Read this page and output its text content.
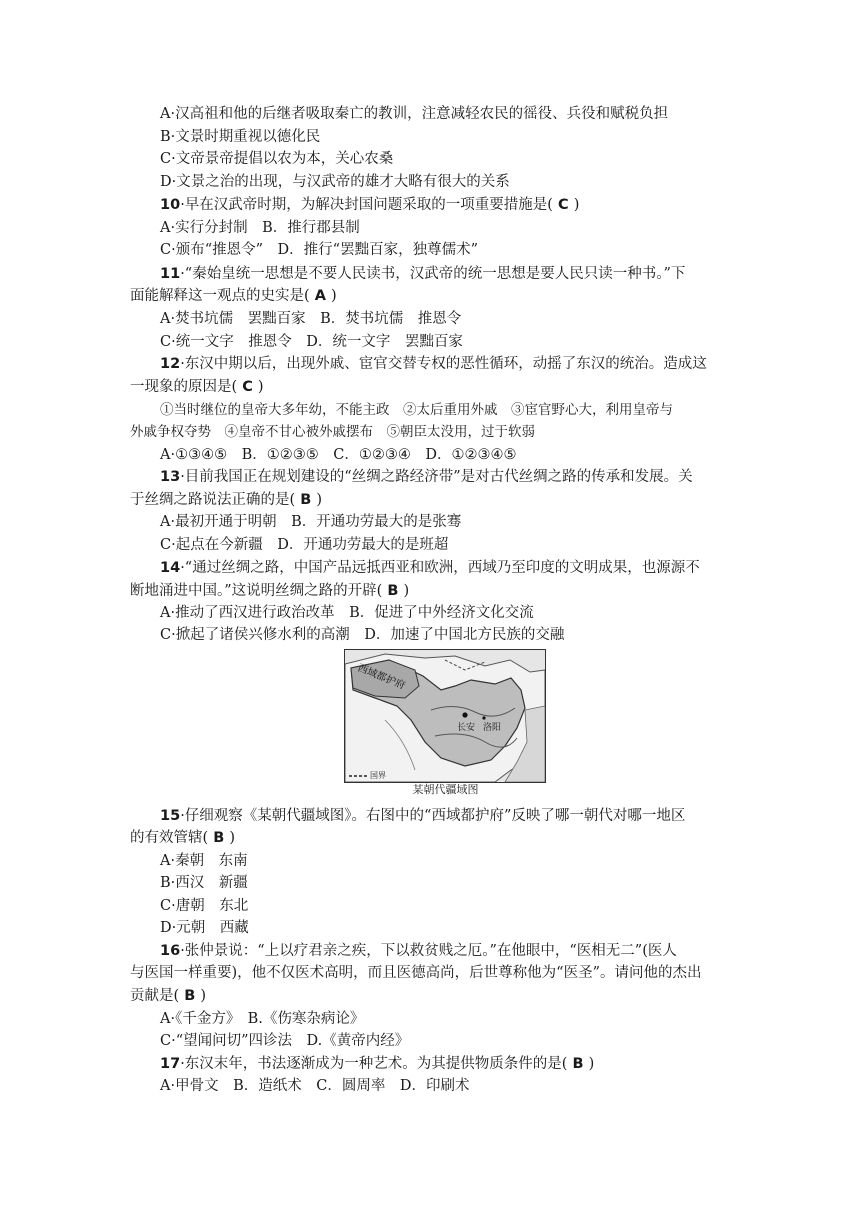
A·汉高祖和他的后继者吸取秦亡的教训，注意减轻农民的徭役、兵役和赋税负担
B·文景时期重视以德化民
C·文帝景帝提倡以农为本，关心农桑
D·文景之治的出现，与汉武帝的雄才大略有很大的关系
10·早在汉武帝时期，为解决封国问题采取的一项重要措施是( C )
A·实行分封制　B．推行郡县制
C·颁布“推恩令”　D．推行“罢黜百家，独尊儒术”
11·“秦始皇统一思想是不要人民读书，汉武帝的统一思想是要人民只读一种书。”下
面能解释这一观点的史实是( A )
A·焚书坑儒　罢黜百家　B．焚书坑儒　推恩令
C·统一文字　推恩令　D．统一文字　罢黜百家
12·东汉中期以后，出现外戚、宦官交替专权的恶性循环，动摇了东汉的统治。造成这
一现象的原因是( C )
①当时继位的皇帝大多年幼，不能主政　②太后重用外戚　③宦官野心大，利用皇帝与
外戚争权夺势　④皇帝不甘心被外戚摆布　⑤朝臣太没用，过于软弱
A·①③④⑤　B．①②③⑤　C．①②③④　D．①②③④⑤
13·目前我国正在规划建设的“丝绸之路经济带”是对古代丝绸之路的传承和发展。关
于丝绸之路说法正确的是( B )
A·最初开通于明朝　B．开通功劳最大的是张骞
C·起点在今新疆　D．开通功劳最大的是班超
14·“通过丝绸之路，中国产品远抵西亚和欧洲，西域乃至印度的文明成果，也源源不
断地涌进中国。”这说明丝绸之路的开辟( B )
A·推动了西汉进行政治改革　B．促进了中外经济文化交流
C·掀起了诸侯兴修水利的高潮　D．加速了中国北方民族的交融
西域都护府
长安 洛阳
国界
某朝代疆域图
15·仔细观察《某朝代疆域图》。右图中的“西域都护府”反映了哪一朝代对哪一地区
的有效管辖( B )
A·秦朝　东南
B·西汉　新疆
C·唐朝　东北
D·元朝　西藏
16·张仲景说：“上以疗君亲之疾，下以救贫贱之厄。”在他眼中，“医相无二”(医人
与医国一样重要)，他不仅医术高明，而且医德高尚，后世尊称他为“医圣”。请问他的杰出
贡献是( B )
A·《千金方》　B.《伤寒杂病论》
C·“望闻问切”四诊法　D.《黄帝内经》
17·东汉末年，书法逐渐成为一种艺术。为其提供物质条件的是( B )
A·甲骨文　B．造纸术　C．圆周率　D．印刷术
